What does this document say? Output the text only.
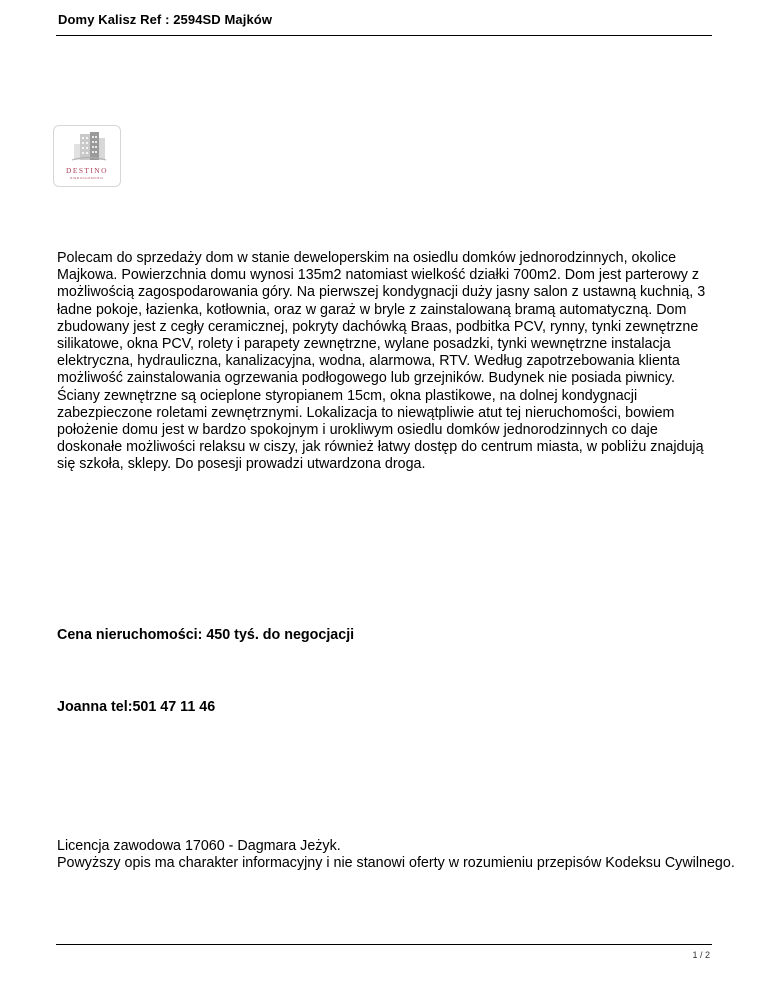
Domy Kalisz Ref : 2594SD Majków
DESTINO
NIERUCHOMOŚCI

Polecam do sprzedaży dom w stanie deweloperskim na osiedlu domków jednorodzinnych, okolice Majkowa. Powierzchnia domu wynosi 135m2 natomiast wielkość działki 700m2. Dom jest parterowy z możliwością zagospodarowania góry. Na pierwszej kondygnacji duży jasny salon z ustawną kuchnią, 3 ładne pokoje, łazienka, kotłownia, oraz w garaż w bryle z zainstalowaną bramą automatyczną. Dom zbudowany jest z cegły ceramicznej, pokryty dachówką Braas, podbitka PCV, rynny, tynki zewnętrzne silikatowe, okna PCV, rolety i parapety zewnętrzne, wylane posadzki, tynki wewnętrzne instalacja elektryczna, hydrauliczna, kanalizacyjna, wodna, alarmowa, RTV. Według zapotrzebowania klienta możliwość zainstalowania ogrzewania podłogowego lub grzejników. Budynek nie posiada piwnicy. Ściany zewnętrzne są ocieplone styropianem 15cm, okna plastikowe, na dolnej kondygnacji zabezpieczone roletami zewnętrznymi. Lokalizacja to niewątpliwie atut tej nieruchomości, bowiem położenie domu jest w bardzo spokojnym i urokliwym osiedlu domków jednorodzinnych co daje doskonałe możliwości relaksu w ciszy, jak również łatwy dostęp do centrum miasta, w pobliżu znajdują się szkoła, sklepy. Do posesji prowadzi utwardzona droga.

Cena nieruchomości: 450 tyś. do negocjacji

Joanna tel:501 47 11 46

Licencja zawodowa 17060 - Dagmara Jeżyk.
Powyższy opis ma charakter informacyjny i nie stanowi oferty w rozumieniu przepisów Kodeksu Cywilnego.

1 / 2
